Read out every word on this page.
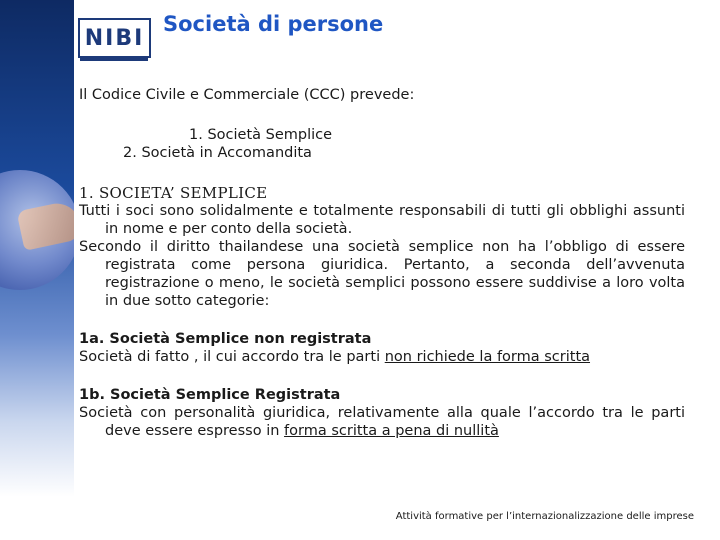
NIBI
Società di persone

Il Codice Civile e Commerciale (CCC) prevede:

1. Società Semplice

2. Società in Accomandita

1. SOCIETA’ SEMPLICE

Tutti i soci sono solidalmente e totalmente responsabili di tutti gli obblighi assunti in nome e per conto della società.

Secondo il diritto thailandese una società semplice non ha l’obbligo di essere registrata come persona giuridica. Pertanto, a seconda dell’avvenuta registrazione o meno, le società semplici possono essere suddivise a loro volta in due sotto categorie:

1a. Società Semplice non registrata

Società di fatto , il cui accordo tra le parti non richiede la forma scritta

1b. Società Semplice Registrata

Società con personalità giuridica, relativamente alla quale l’accordo tra le parti deve essere espresso in forma scritta a pena di nullità

Attività formative per l’internazionalizzazione delle imprese
